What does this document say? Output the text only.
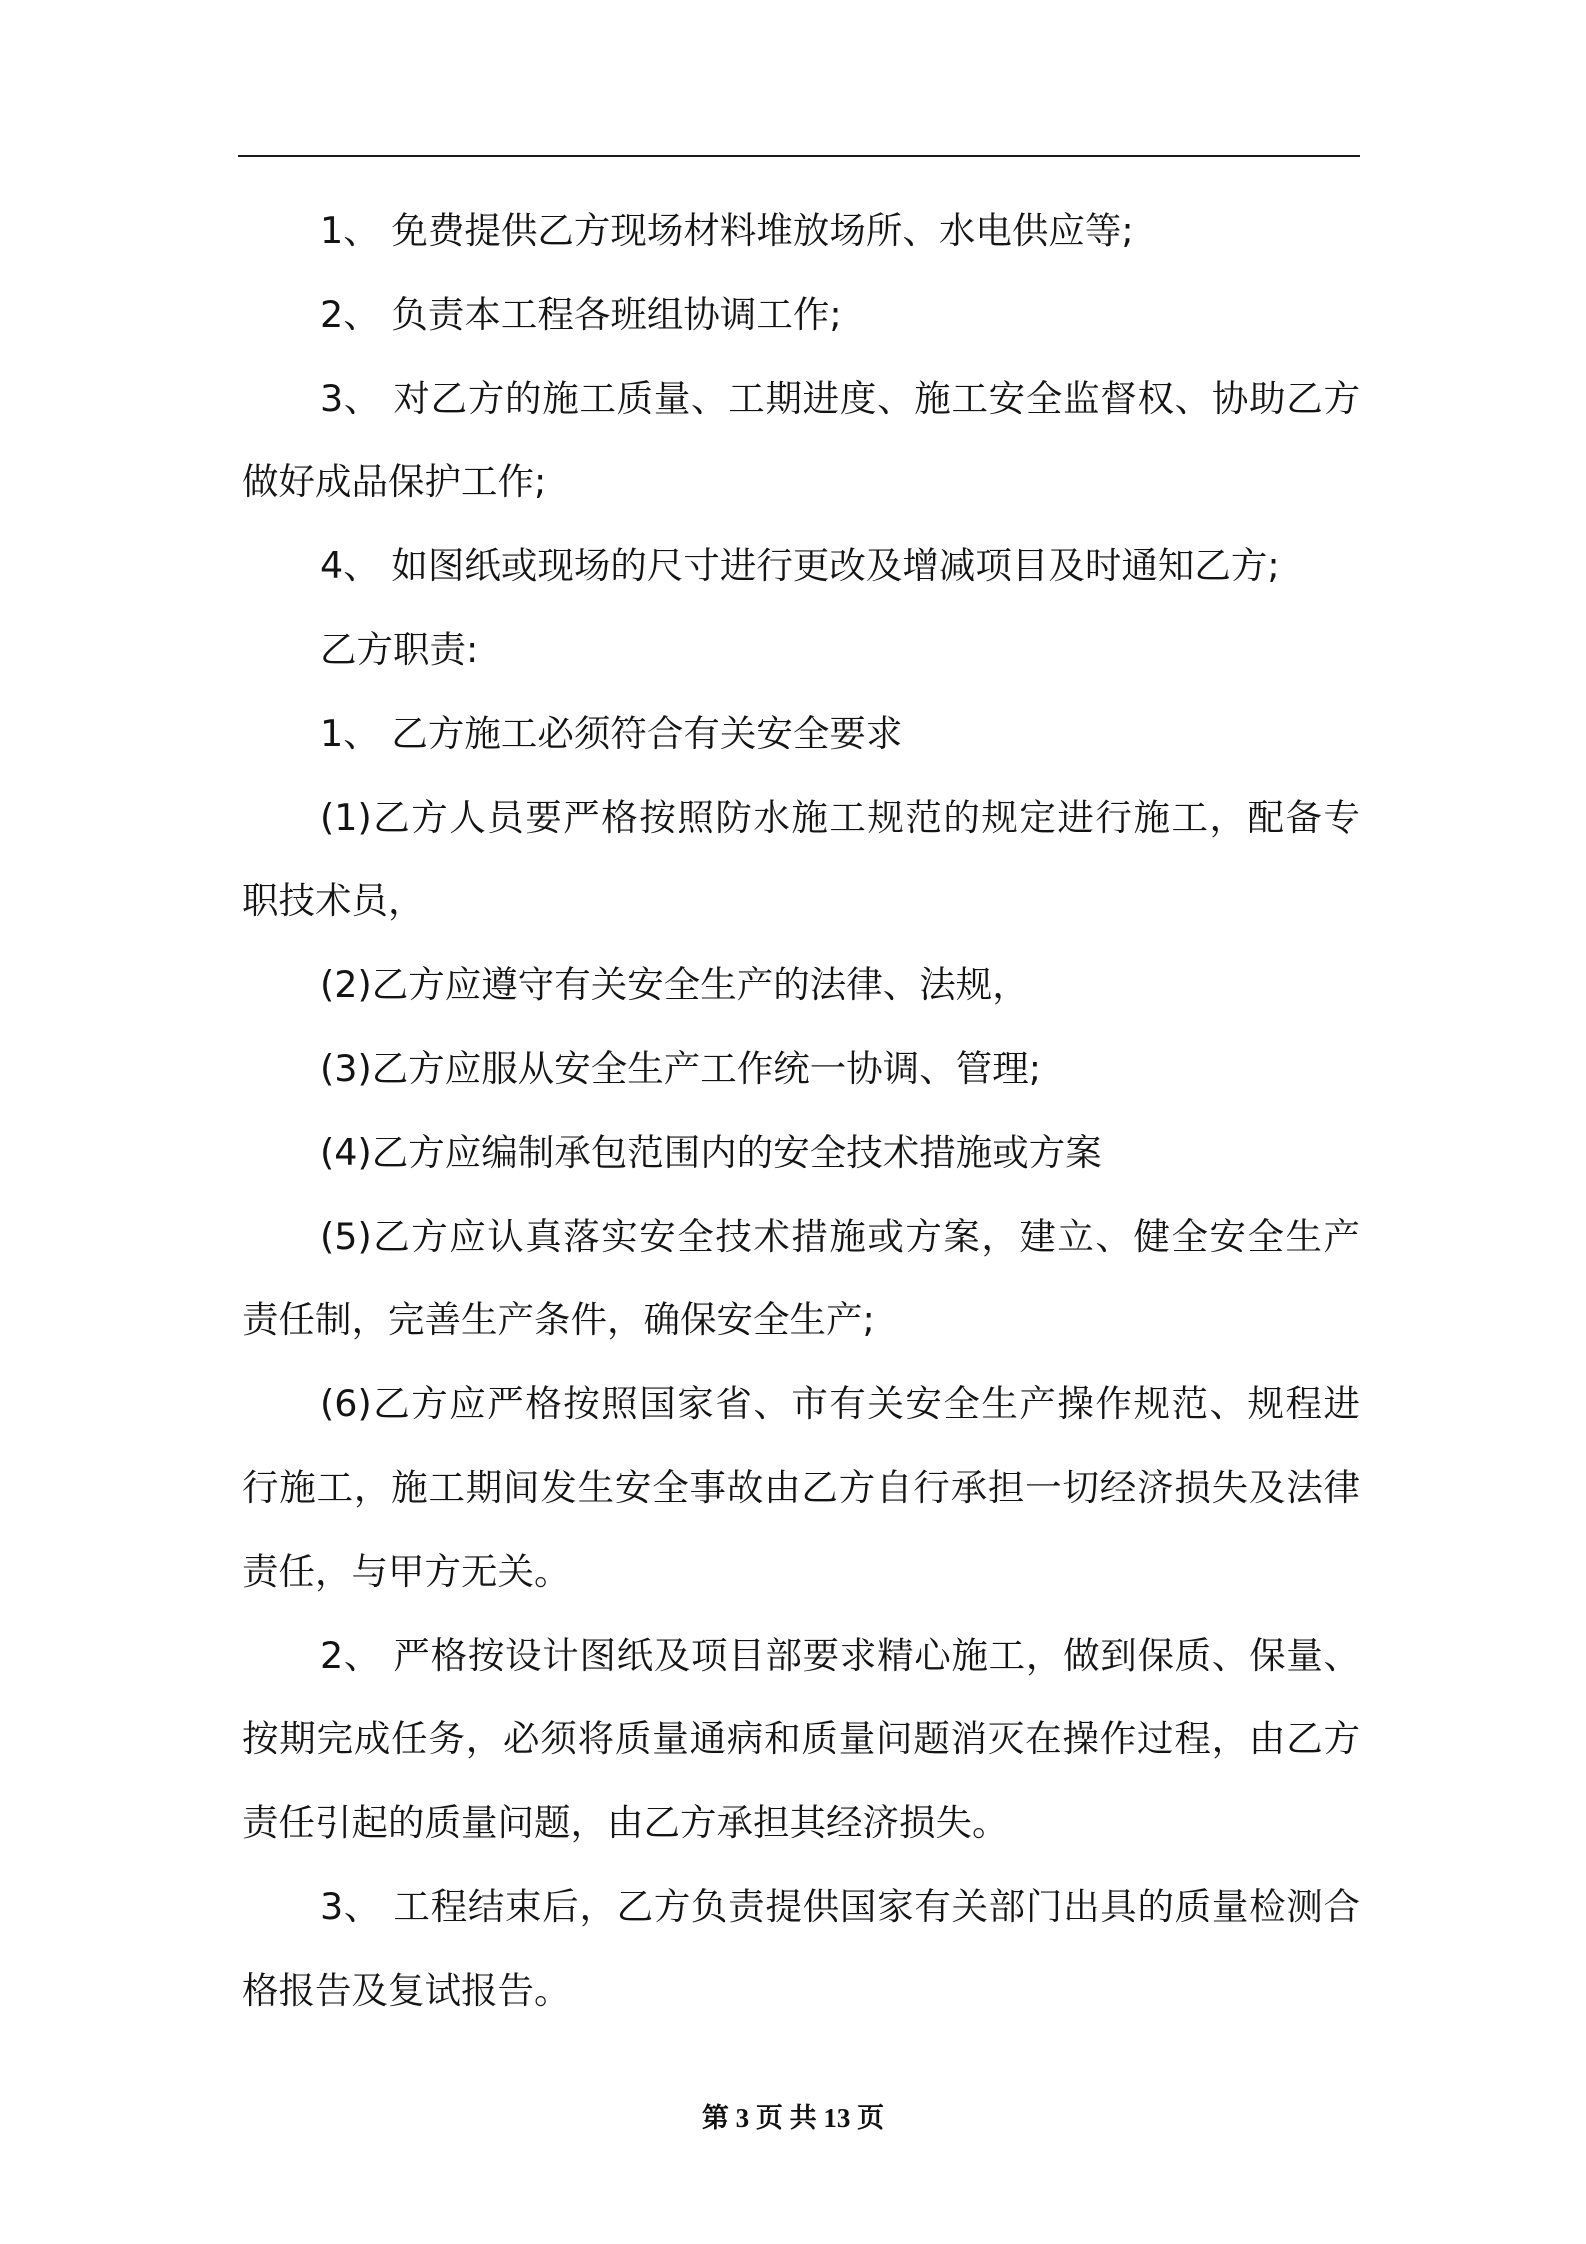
1、 免费提供乙方现场材料堆放场所、水电供应等;
2、 负责本工程各班组协调工作;
3、 对乙方的施工质量、工期进度、施工安全监督权、协助乙方
做好成品保护工作;
4、 如图纸或现场的尺寸进行更改及增减项目及时通知乙方;
乙方职责:
1、 乙方施工必须符合有关安全要求
(1)乙方人员要严格按照防水施工规范的规定进行施工，配备专
职技术员，
(2)乙方应遵守有关安全生产的法律、法规，
(3)乙方应服从安全生产工作统一协调、管理;
(4)乙方应编制承包范围内的安全技术措施或方案
(5)乙方应认真落实安全技术措施或方案，建立、健全安全生产
责任制，完善生产条件，确保安全生产;
(6)乙方应严格按照国家省、市有关安全生产操作规范、规程进
行施工，施工期间发生安全事故由乙方自行承担一切经济损失及法律
责任，与甲方无关。
2、 严格按设计图纸及项目部要求精心施工，做到保质、保量、
按期完成任务，必须将质量通病和质量问题消灭在操作过程，由乙方
责任引起的质量问题，由乙方承担其经济损失。
3、 工程结束后，乙方负责提供国家有关部门出具的质量检测合
格报告及复试报告。
第 3 页 共 13 页
